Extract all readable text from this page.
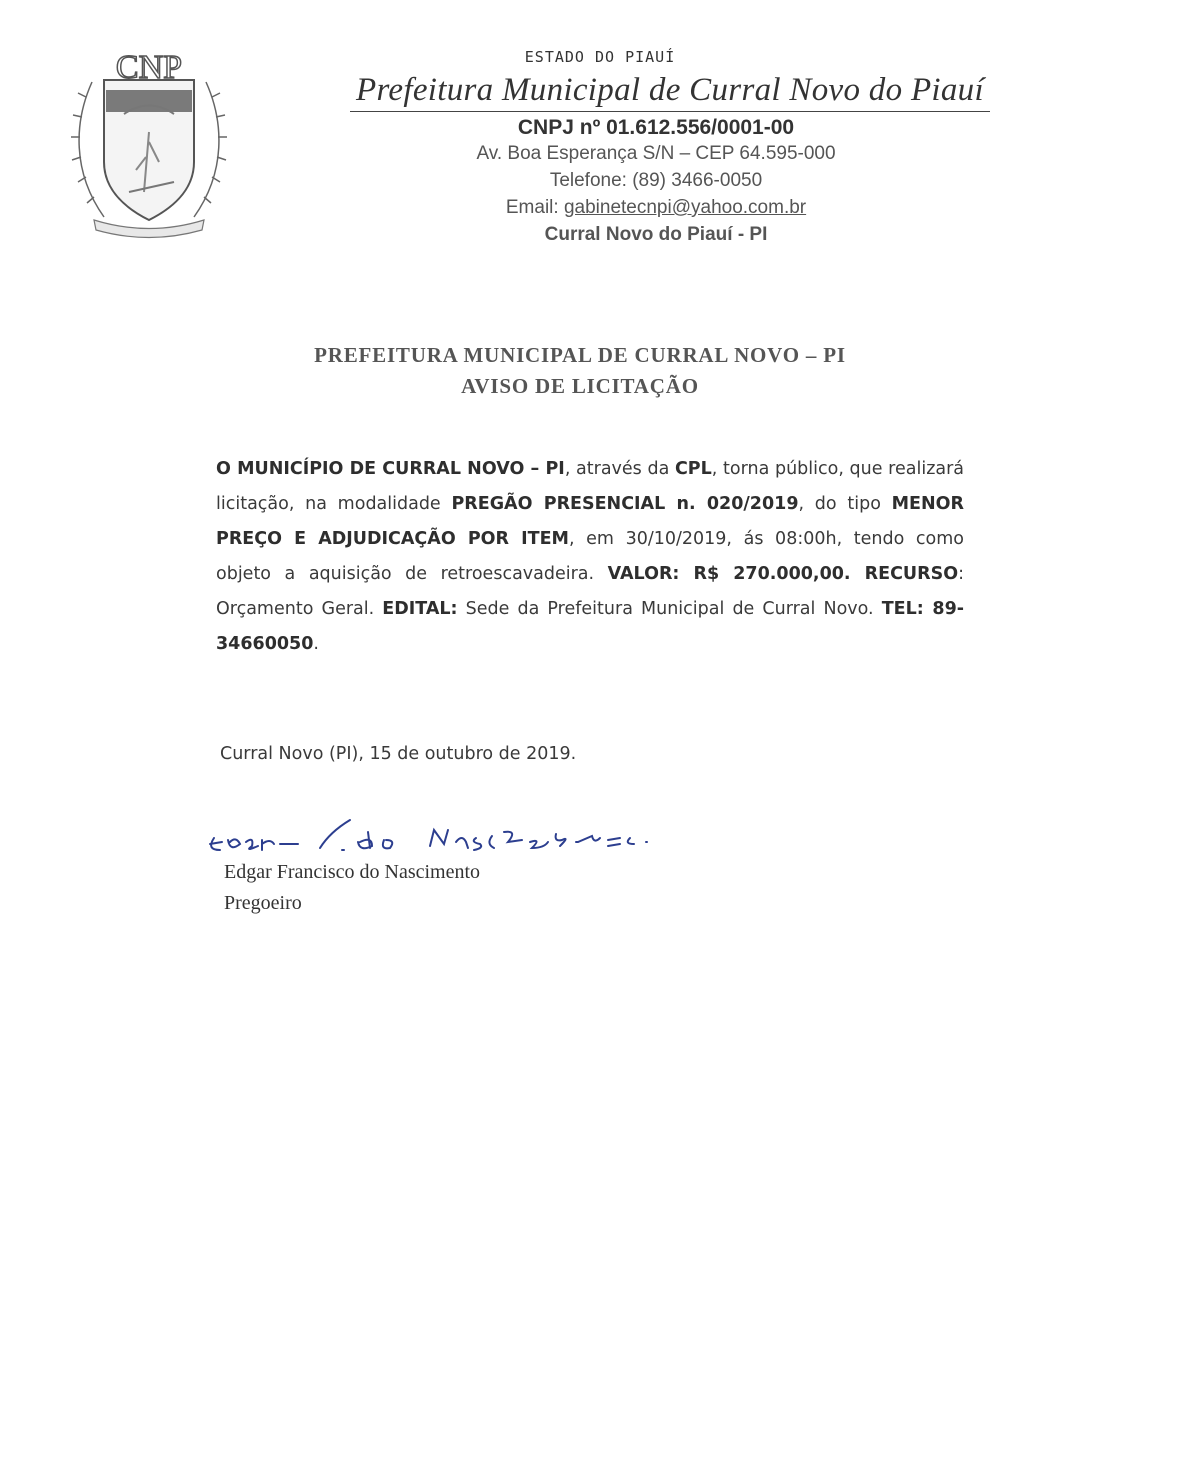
CNP	ESTADO DO PIAUÍ
Prefeitura Municipal de Curral Novo do Piauí
CNPJ nº 01.612.556/0001-00
Av. Boa Esperança S/N – CEP 64.595-000
Telefone: (89) 3466-0050
Email: gabinetecnpi@yahoo.com.br
Curral Novo do Piauí - PI
PREFEITURA MUNICIPAL DE CURRAL NOVO – PI
AVISO DE LICITAÇÃO
O MUNICÍPIO DE CURRAL NOVO – PI, através da CPL, torna público, que realizará licitação, na modalidade PREGÃO PRESENCIAL n. 020/2019, do tipo MENOR PREÇO E ADJUDICAÇÃO POR ITEM, em 30/10/2019, ás 08:00h, tendo como objeto a aquisição de retroescavadeira. VALOR: R$ 270.000,00. RECURSO: Orçamento Geral. EDITAL: Sede da Prefeitura Municipal de Curral Novo. TEL: 89-34660050.
Curral Novo (PI), 15 de outubro de 2019.
Edgar Francisco do Nascimento
Pregoeiro
